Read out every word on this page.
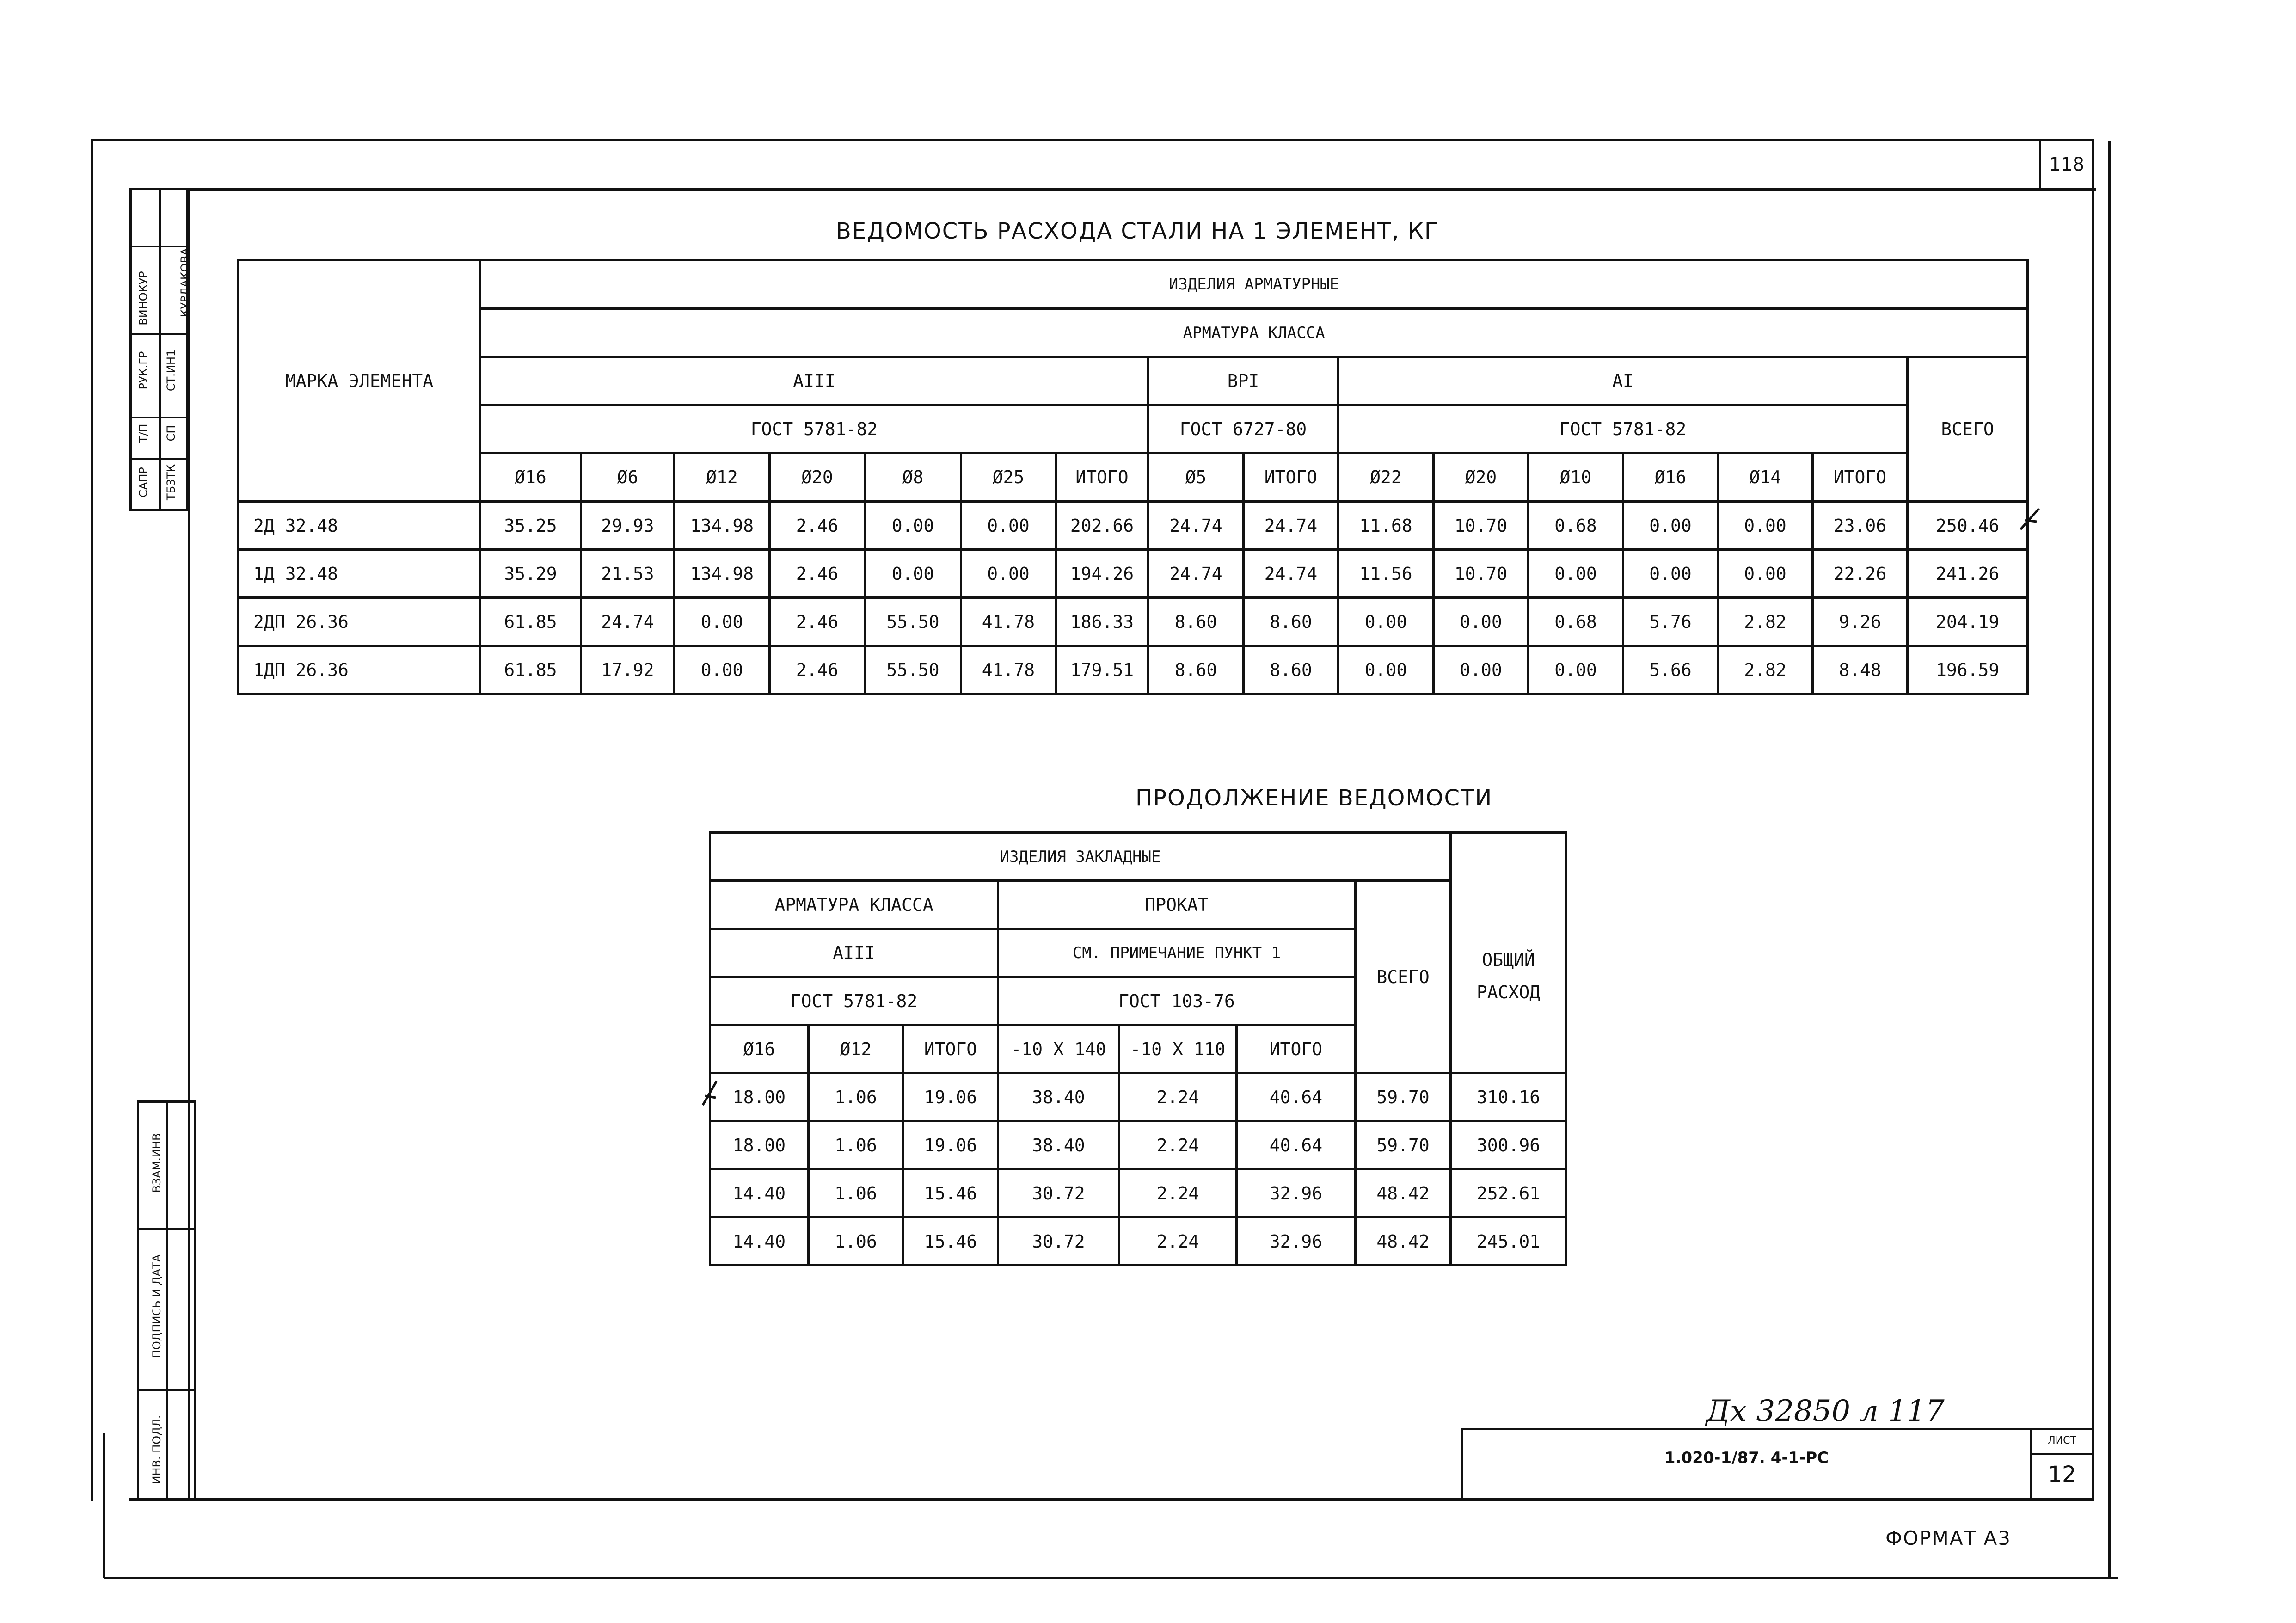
118
САПР
Т/П
РУК.ГР
ВИНОКУР
ТБ3ТК
СП
СТ.ИН1
КУРЛАКОВА
ИНВ. ПОДЛ.
ПОДПИСЬ И ДАТА
ВЗАМ.ИНВ
ВЕДОМОСТЬ РАСХОДА СТАЛИ НА 1 ЭЛЕМЕНТ, КГ
МАРКА ЭЛЕМЕНТА	ИЗДЕЛИЯ АРМАТУРНЫЕ															
	АРМАТУРА КЛАССА															
	АIII							ВРI		АI						ВСЕГО
	ГОСТ 5781-82							ГОСТ 6727-80		ГОСТ 5781-82						
	Ø16	Ø6	Ø12	Ø20	Ø8	Ø25	ИТОГО	Ø5	ИТОГО	Ø22	Ø20	Ø10	Ø16	Ø14	ИТОГО	
2Д 32.48	35.25	29.93	134.98	2.46	0.00	0.00	202.66	24.74	24.74	11.68	10.70	0.68	0.00	0.00	23.06	250.46
1Д 32.48	35.29	21.53	134.98	2.46	0.00	0.00	194.26	24.74	24.74	11.56	10.70	0.00	0.00	0.00	22.26	241.26
2ДП 26.36	61.85	24.74	0.00	2.46	55.50	41.78	186.33	8.60	8.60	0.00	0.00	0.68	5.76	2.82	9.26	204.19
1ДП 26.36	61.85	17.92	0.00	2.46	55.50	41.78	179.51	8.60	8.60	0.00	0.00	0.00	5.66	2.82	8.48	196.59
ПРОДОЛЖЕНИЕ ВЕДОМОСТИ
ИЗДЕЛИЯ ЗАКЛАДНЫЕ							ОБЩИЙ РАСХОД
АРМАТУРА КЛАССА			ПРОКАТ			ВСЕГО	
АIII			СМ. ПРИМЕЧАНИЕ ПУНКТ 1				
ГОСТ 5781-82			ГОСТ 103-76				
Ø16	Ø12	ИТОГО	-10 X 140	-10 X 110	ИТОГО		
18.00	1.06	19.06	38.40	2.24	40.64	59.70	310.16
18.00	1.06	19.06	38.40	2.24	40.64	59.70	300.96
14.40	1.06	15.46	30.72	2.24	32.96	48.42	252.61
14.40	1.06	15.46	30.72	2.24	32.96	48.42	245.01
Дх 32850 л 117
1.020-1/87. 4-1-РС
ЛИСТ
12
ФОРМАТ А3
